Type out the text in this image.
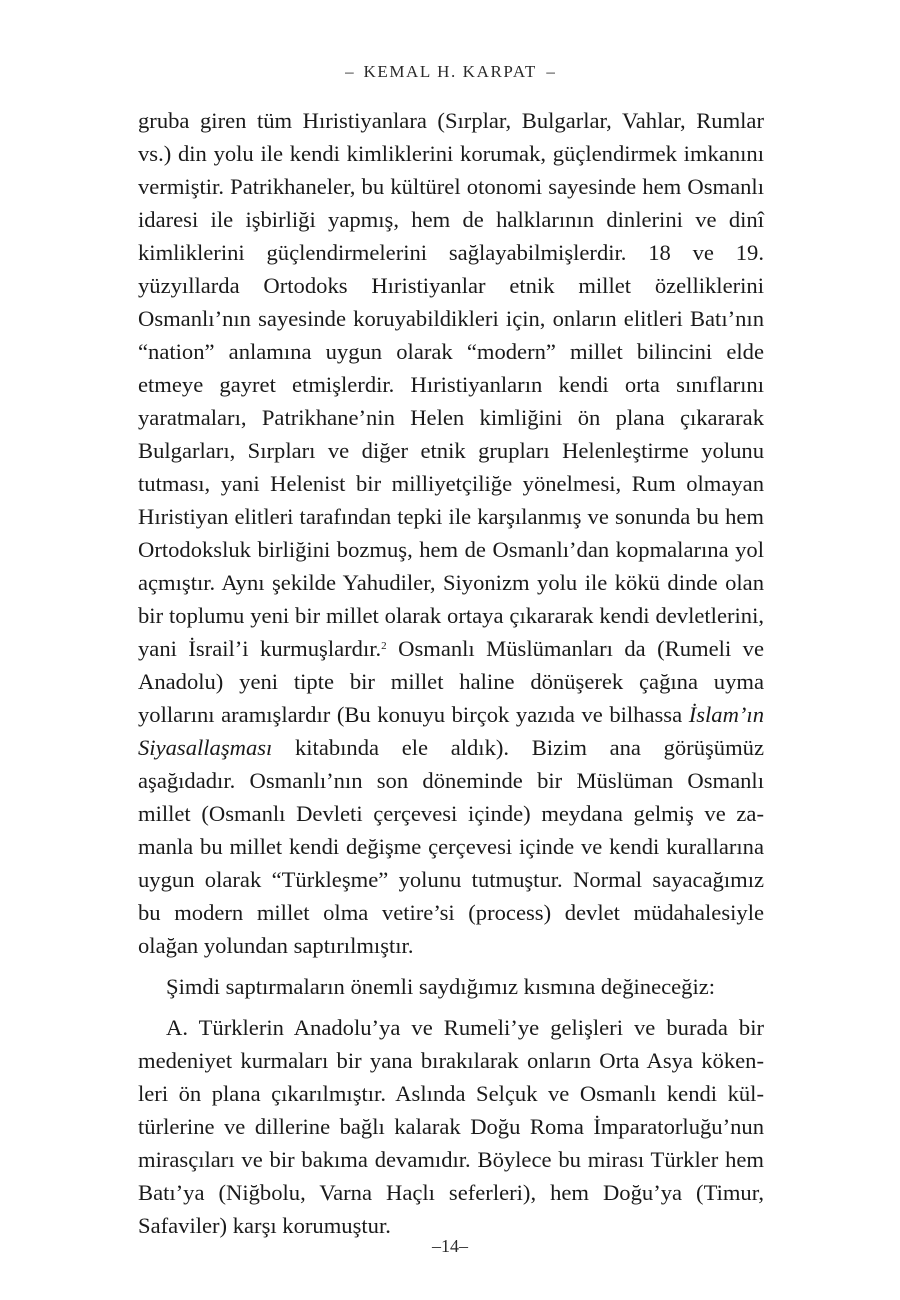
– KEMAL H. KARPAT –

gruba giren tüm Hıristiyanlara (Sırplar, Bulgarlar, Vahlar, Rumlar vs.) din yolu ile kendi kimliklerini korumak, güçlendirmek imkanını vermiştir. Patrikhaneler, bu kültürel otonomi sayesinde hem Osmanlı idaresi ile işbirliği yapmış, hem de halklarının dinlerini ve dinî kimliklerini güçlendirmelerini sağlayabilmişlerdir. 18 ve 19. yüzyıllarda Ortodoks Hıristiyanlar etnik millet özelliklerini Osmanlı’nın sayesinde koruyabildikleri için, onların elitleri Batı’nın “nation” anlamına uygun olarak “modern” millet bilincini elde etmeye gayret etmişlerdir. Hıristiyanların kendi orta sınıflarını yaratmaları, Patrikhane’nin Helen kimliğini ön plana çıkararak Bulgarları, Sırpları ve diğer etnik grupları Helenleştirme yolunu tutması, yani Helenist bir milliyetçiliğe yönelmesi, Rum olmayan Hıristiyan elitleri tarafından tepki ile karşılanmış ve sonunda bu hem Ortodoksluk birliğini bozmuş, hem de Osmanlı’dan kopmalarına yol açmıştır. Aynı şekilde Yahudiler, Siyonizm yolu ile kökü dinde olan bir toplumu yeni bir millet olarak ortaya çıkararak kendi devletlerini, yani İsrail’i kurmuşlardır.$^2$ Osmanlı Müslümanları da (Rumeli ve Anadolu) yeni tipte bir millet haline dönüşerek çağına uyma yollarını aramışlardır (Bu konuyu birçok yazıda ve bilhassa İslam’ın Siyasallaşması kitabında ele aldık). Bizim ana görüşümüz aşağıdadır. Osmanlı’nın son döneminde bir Müslüman Osmanlı millet (Osmanlı Devleti çerçevesi içinde) meydana gelmiş ve zamanla bu millet kendi değişme çerçevesi içinde ve kendi kurallarına uygun olarak “Türkleşme” yolunu tutmuştur. Normal sayacağımız bu modern millet olma vetire’si (process) devlet müdahalesiyle olağan yolundan saptırılmıştır.

Şimdi saptırmaların önemli saydığımız kısmına değineceğiz:

A. Türklerin Anadolu’ya ve Rumeli’ye gelişleri ve burada bir medeniyet kurmaları bir yana bırakılarak onların Orta Asya kökenleri ön plana çıkarılmıştır. Aslında Selçuk ve Osmanlı kendi kültürlerine ve dillerine bağlı kalarak Doğu Roma İmparatorluğu’nun mirasçıları ve bir bakıma devamıdır. Böylece bu mirası Türkler hem Batı’ya (Niğbolu, Varna Haçlı seferleri), hem Doğu’ya (Timur, Safaviler) karşı korumuştur.

–14–
